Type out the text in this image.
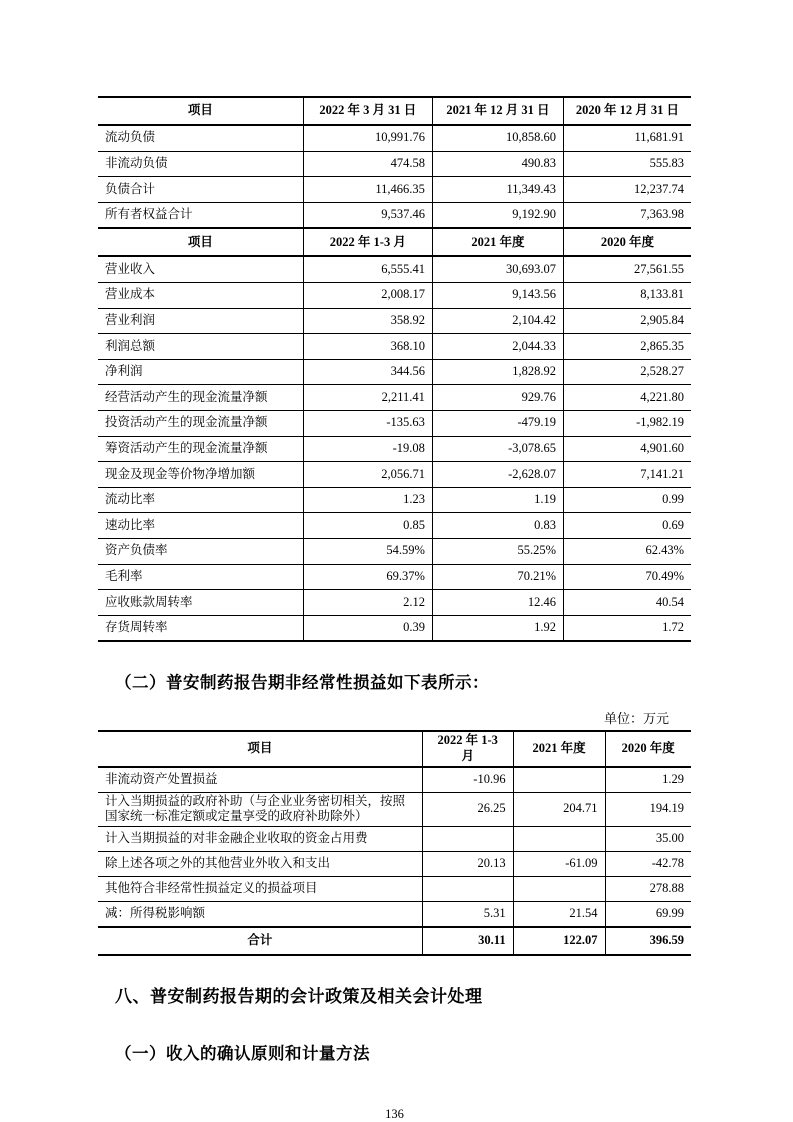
项目	2022 年 3 月 31 日	2021 年 12 月 31 日	2020 年 12 月 31 日
流动负债	10,991.76	10,858.60	11,681.91
非流动负债	474.58	490.83	555.83
负债合计	11,466.35	11,349.43	12,237.74
所有者权益合计	9,537.46	9,192.90	7,363.98
项目	2022 年 1-3 月	2021 年度	2020 年度
营业收入	6,555.41	30,693.07	27,561.55
营业成本	2,008.17	9,143.56	8,133.81
营业利润	358.92	2,104.42	2,905.84
利润总额	368.10	2,044.33	2,865.35
净利润	344.56	1,828.92	2,528.27
经营活动产生的现金流量净额	2,211.41	929.76	4,221.80
投资活动产生的现金流量净额	-135.63	-479.19	-1,982.19
筹资活动产生的现金流量净额	-19.08	-3,078.65	4,901.60
现金及现金等价物净增加额	2,056.71	-2,628.07	7,141.21
流动比率	1.23	1.19	0.99
速动比率	0.85	0.83	0.69
资产负债率	54.59%	55.25%	62.43%
毛利率	69.37%	70.21%	70.49%
应收账款周转率	2.12	12.46	40.54
存货周转率	0.39	1.92	1.72
（二）普安制药报告期非经常性损益如下表所示：
单位：万元
项目	2022 年 1-3 月	2021 年度	2020 年度
非流动资产处置损益	-10.96		1.29
计入当期损益的政府补助（与企业业务密切相关，按照国家统一标准定额或定量享受的政府补助除外）	26.25	204.71	194.19
计入当期损益的对非金融企业收取的资金占用费			35.00
除上述各项之外的其他营业外收入和支出	20.13	-61.09	-42.78
其他符合非经常性损益定义的损益项目			278.88
减：所得税影响额	5.31	21.54	69.99
合计	30.11	122.07	396.59
八、普安制药报告期的会计政策及相关会计处理
（一）收入的确认原则和计量方法
136
